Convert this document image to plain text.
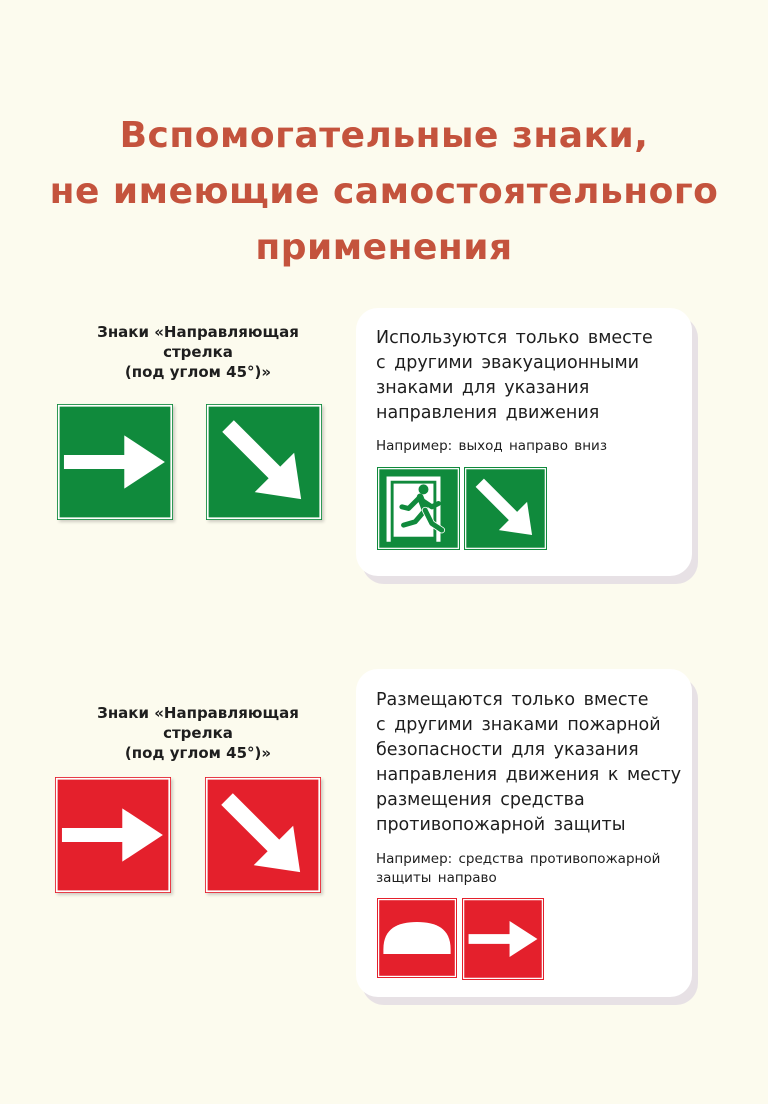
Вспомогательные знаки,
не имеющие самостоятельного
применения
Знаки «Направляющая
стрелка
(под углом 45°)»
Используются только вместе
с другими эвакуационными
знаками для указания
направления движения
Например: выход направо вниз
Знаки «Направляющая
стрелка
(под углом 45°)»
Размещаются только вместе
с другими знаками пожарной
безопасности для указания
направления движения к месту
размещения средства
противопожарной защиты
Например: средства противопожарной
защиты направо
